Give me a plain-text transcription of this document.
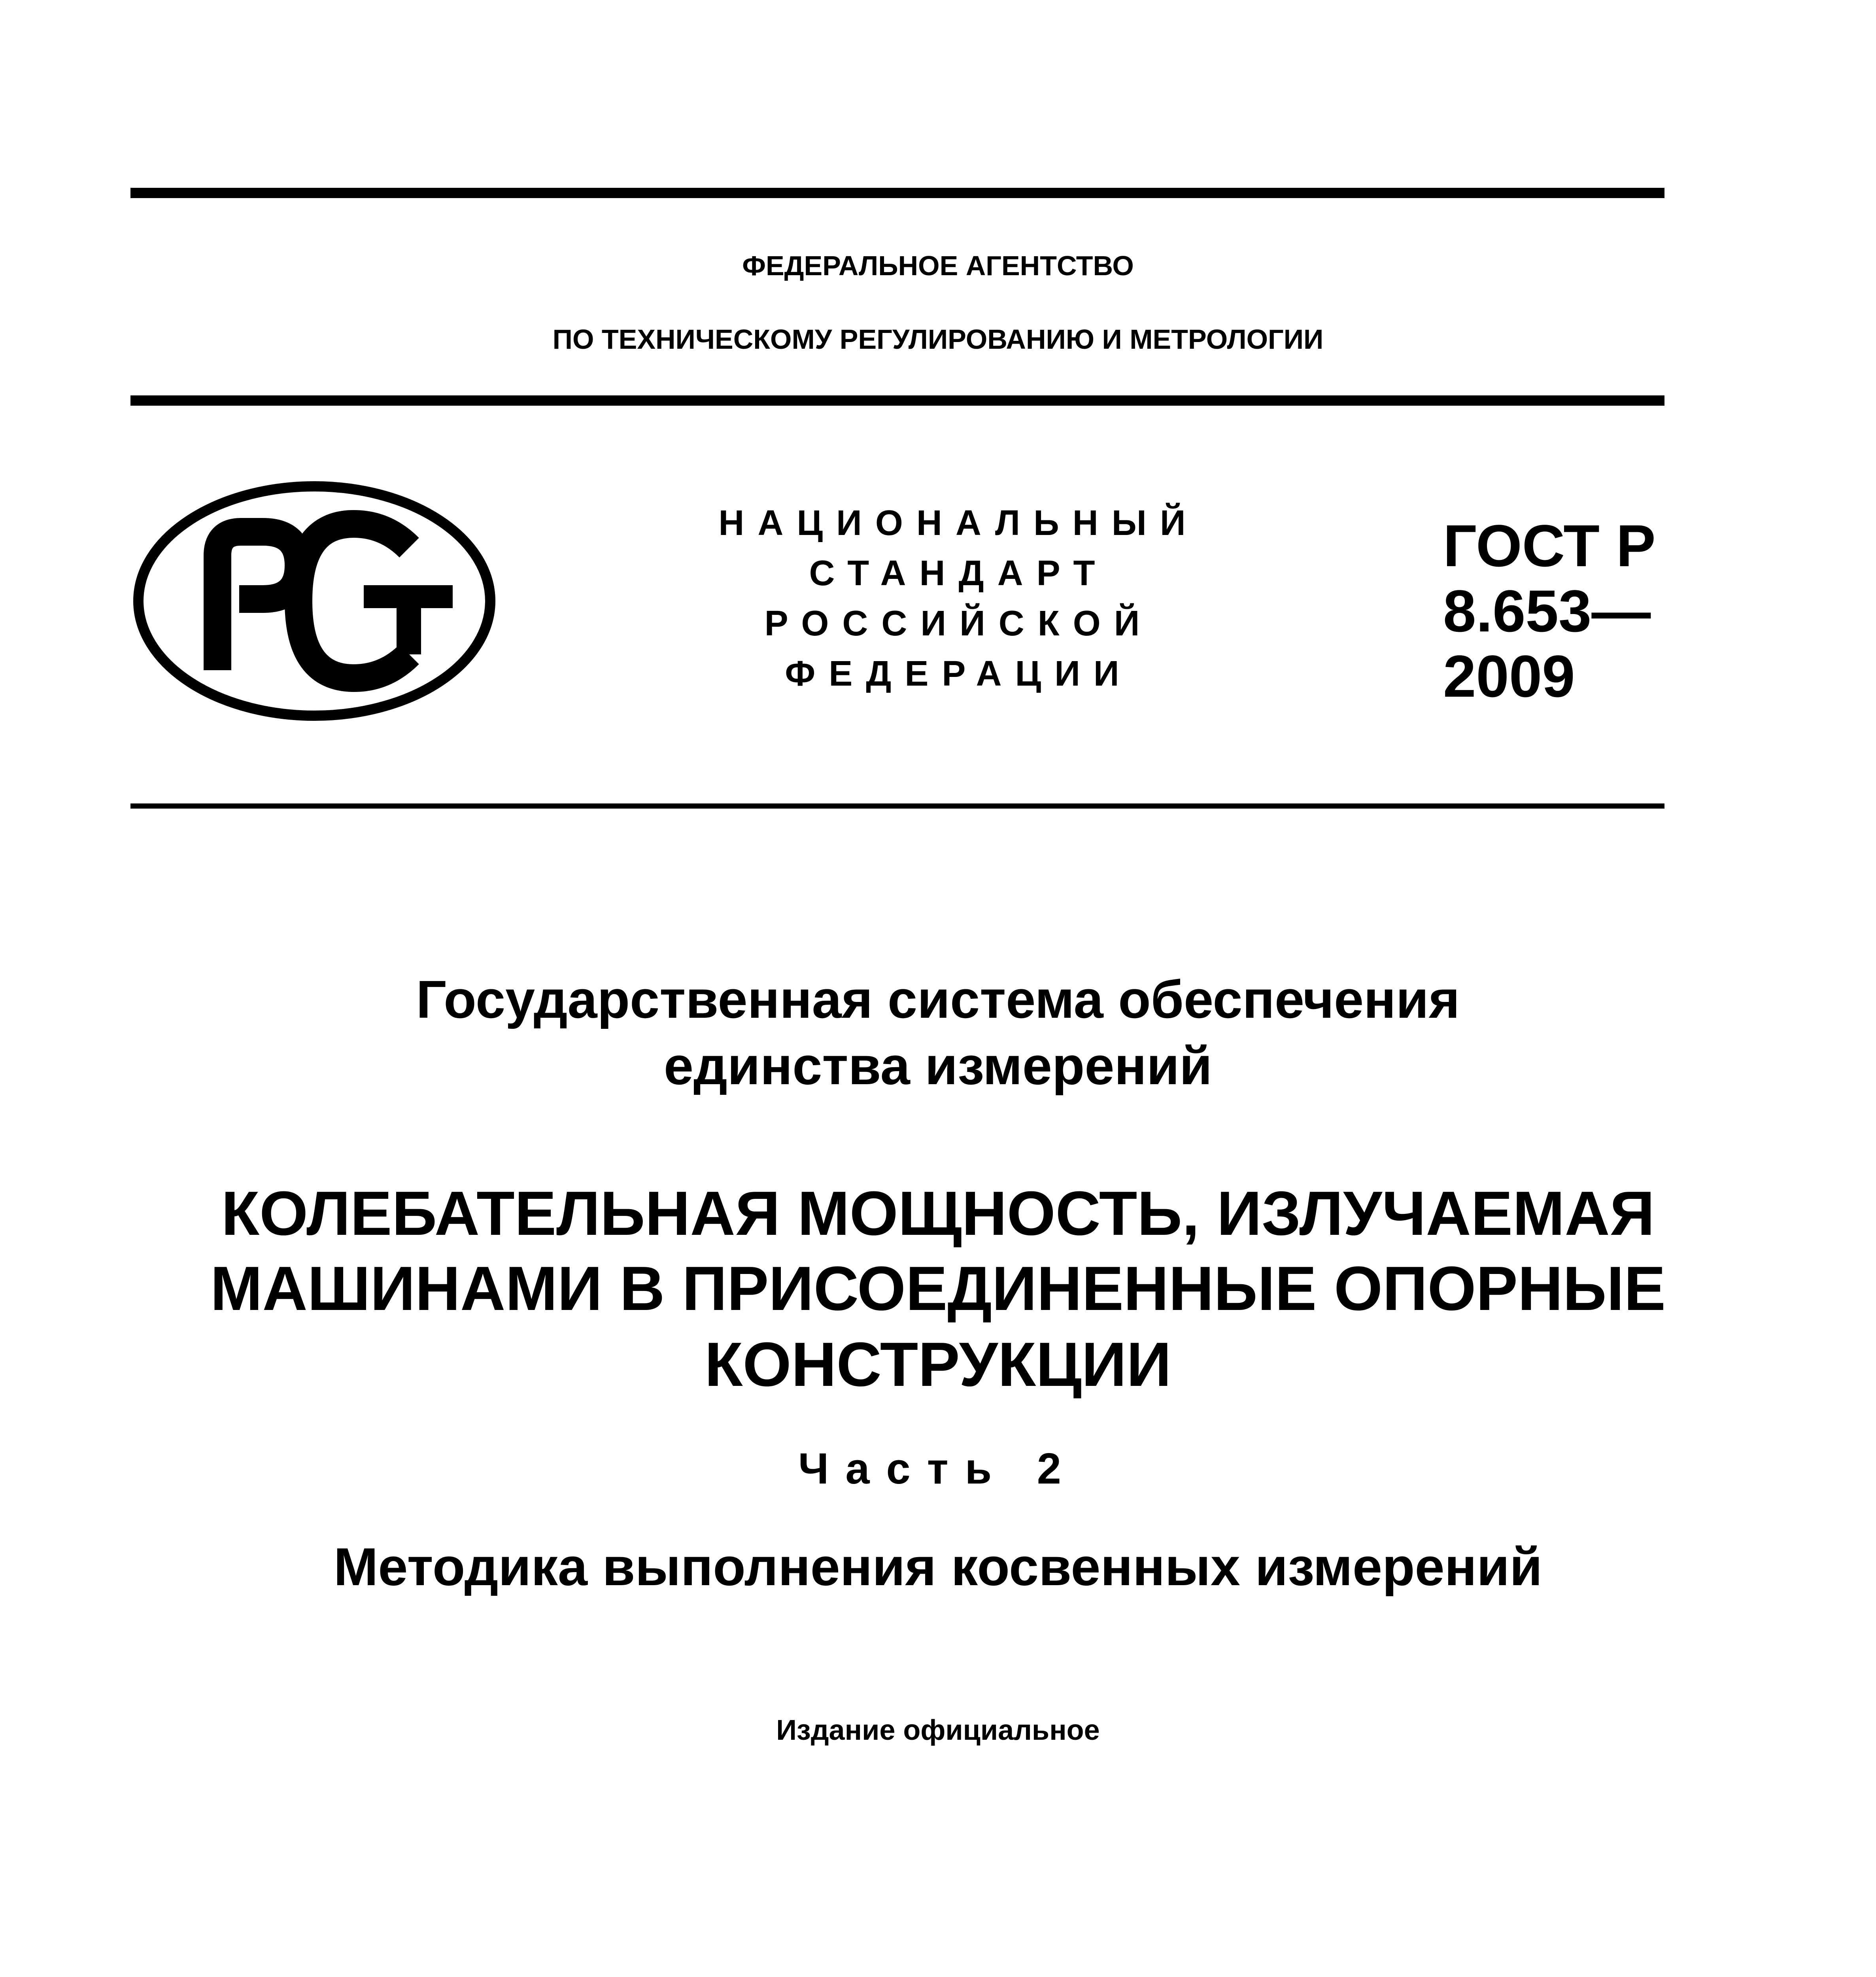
ФЕДЕРАЛЬНОЕ АГЕНТСТВО
ПО ТЕХНИЧЕСКОМУ РЕГУЛИРОВАНИЮ И МЕТРОЛОГИИ
НАЦИОНАЛЬНЫЙ
СТАНДАРТ
РОССИЙСКОЙ
ФЕДЕРАЦИИ
ГОСТ Р
8.653—
2009
Государственная система обеспечения
единства измерений
КОЛЕБАТЕЛЬНАЯ МОЩНОСТЬ, ИЗЛУЧАЕМАЯ
МАШИНАМИ В ПРИСОЕДИНЕННЫЕ ОПОРНЫЕ
КОНСТРУКЦИИ
Часть 2
Методика выполнения косвенных измерений
Издание официальное
